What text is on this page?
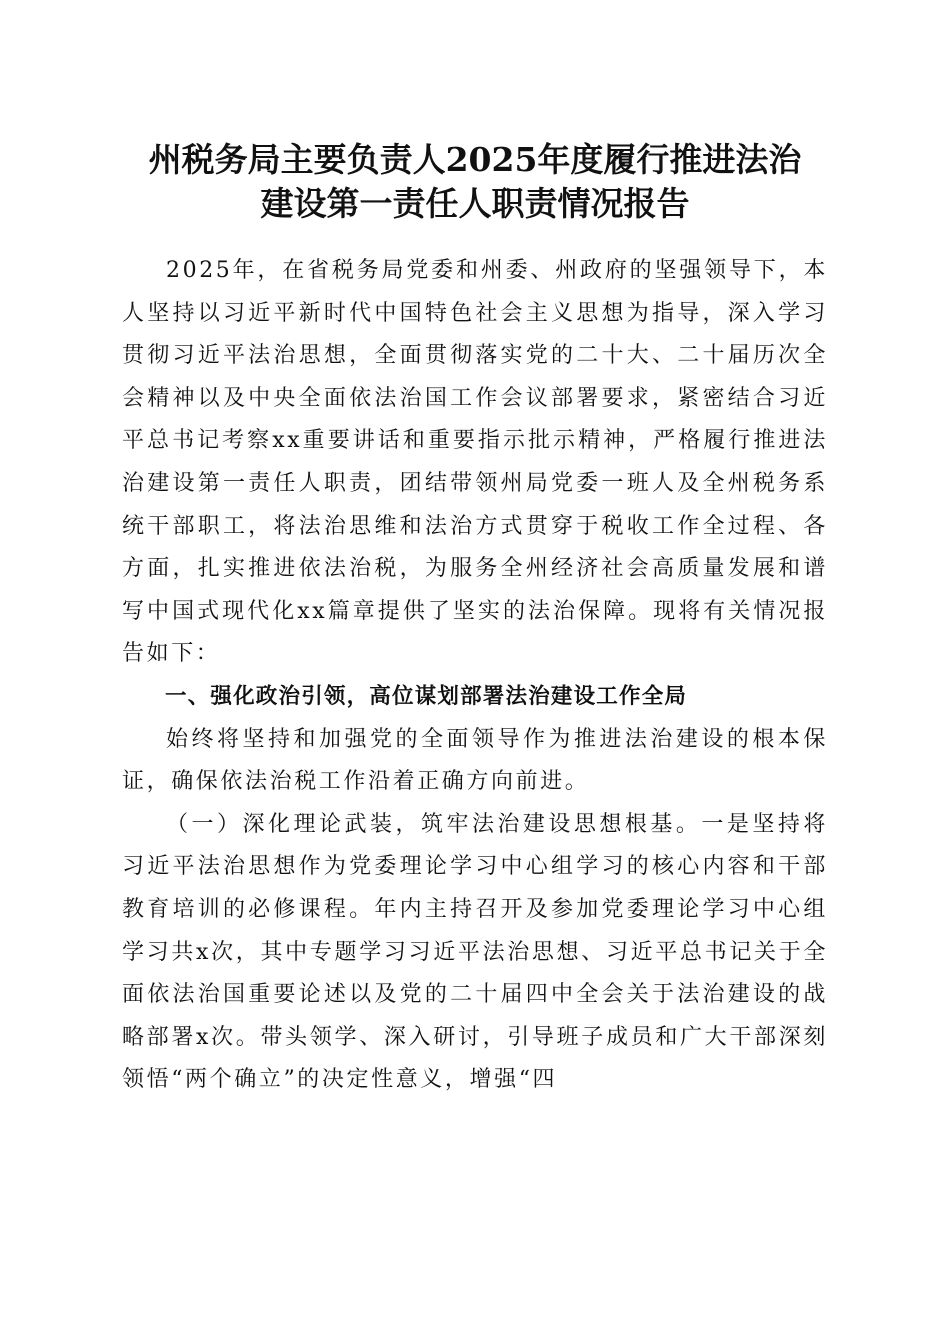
州税务局主要负责人2025年度履行推进法治
建设第一责任人职责情况报告

2025年，在省税务局党委和州委、州政府的坚强领导下，本人坚持以习近平新时代中国特色社会主义思想为指导，深入学习贯彻习近平法治思想，全面贯彻落实党的二十大、二十届历次全会精神以及中央全面依法治国工作会议部署要求，紧密结合习近平总书记考察xx重要讲话和重要指示批示精神，严格履行推进法治建设第一责任人职责，团结带领州局党委一班人及全州税务系统干部职工，将法治思维和法治方式贯穿于税收工作全过程、各方面，扎实推进依法治税，为服务全州经济社会高质量发展和谱写中国式现代化xx篇章提供了坚实的法治保障。现将有关情况报告如下：

一、强化政治引领，高位谋划部署法治建设工作全局

始终将坚持和加强党的全面领导作为推进法治建设的根本保证，确保依法治税工作沿着正确方向前进。

（一）深化理论武装，筑牢法治建设思想根基。一是坚持将习近平法治思想作为党委理论学习中心组学习的核心内容和干部教育培训的必修课程。年内主持召开及参加党委理论学习中心组学习共x次，其中专题学习习近平法治思想、习近平总书记关于全面依法治国重要论述以及党的二十届四中全会关于法治建设的战略部署x次。带头领学、深入研讨，引导班子成员和广大干部深刻领悟“两个确立”的决定性意义，增强“四
